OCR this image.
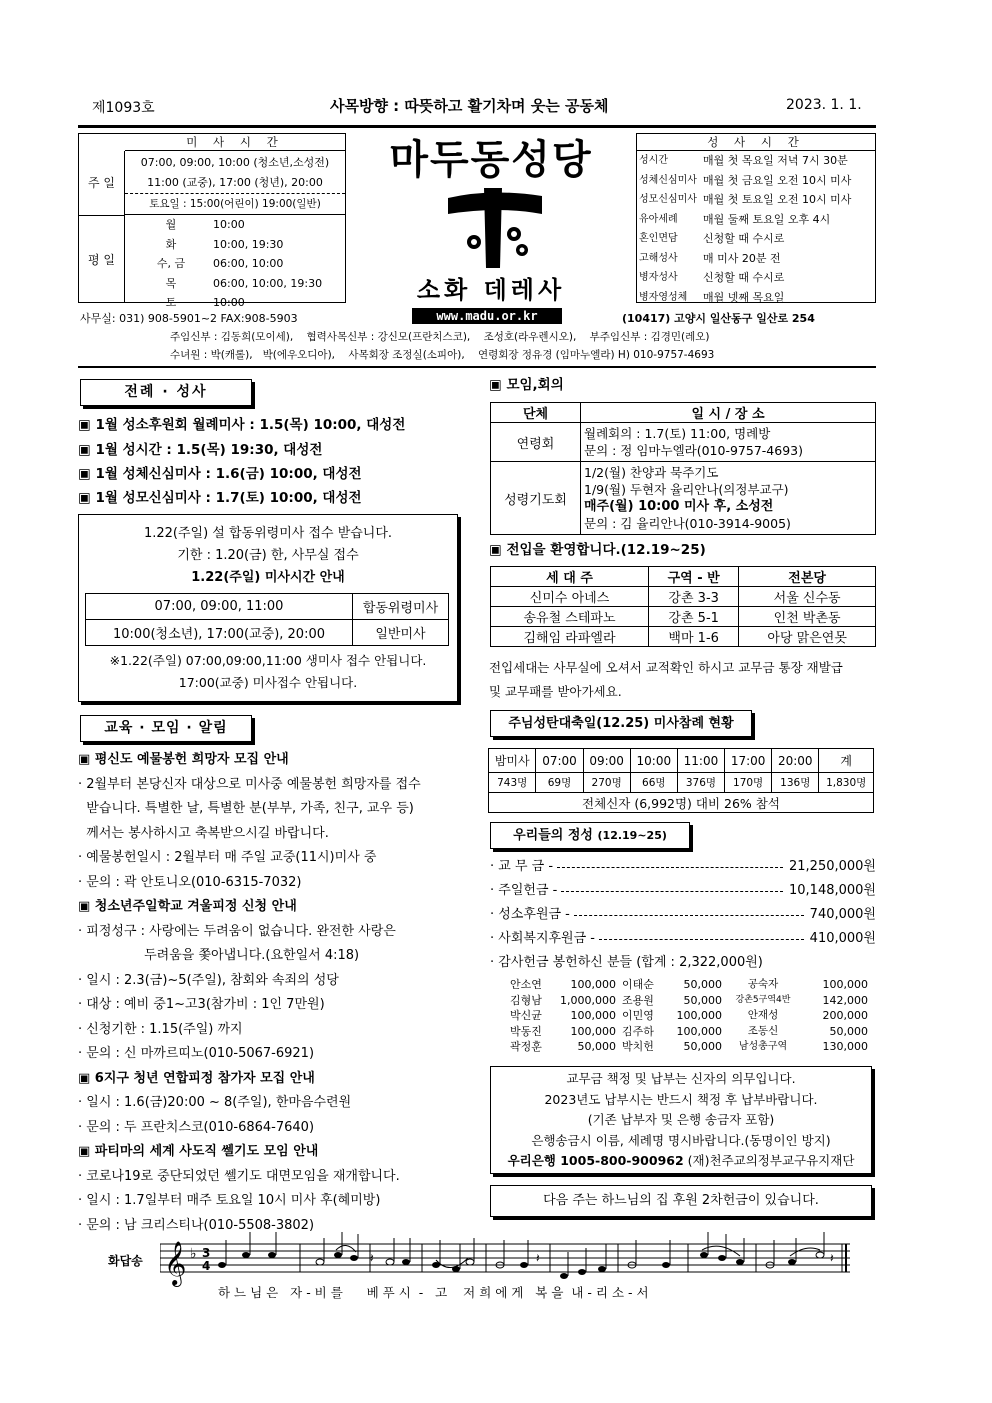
제1093호	사목방향 : 따뜻하고 활기차며 웃는 공동체	2023. 1. 1.
미 사 시 간
주 일
07:00, 09:00, 10:00 (청소년,소성전)
11:00 (교중), 17:00 (청년), 20:00
토요일 : 15:00(어린이) 19:00(일반)
평 일
월	10:00
화	10:00, 19:30
수, 금	06:00, 10:00
목	06:00, 10:00, 19:30
토	10:00
마두동성당
소화 데레사
성 사 시 간
성시간	매월 첫 목요일 저녁 7시 30분
성체신심미사	매월 첫 금요일 오전 10시 미사
성모신심미사	매월 첫 토요일 오전 10시 미사
유아세례	매월 둘째 토요일 오후 4시
혼인면담	신청할 때 수시로
고해성사	매 미사 20분 전
병자성사	신청할 때 수시로
병자영성체	매월 넷째 목요일
사무실: 031) 908-5901~2 FAX:908-5903	www.madu.or.kr	(10417) 고양시 일산동구 일산로 254
주임신부 : 김동희(모이세),    협력사목신부 : 강신모(프란치스코),    조성호(라우렌시오),    부주임신부 : 김경민(레오)
수녀원 : 박(캐롤),   박(에우오디아),    사목회장 조정실(소피아),    연령회장 정유경 (임마누엘라) H) 010-9757-4693
전례 · 성사
▣ 1월 성소후원회 월례미사 : 1.5(목) 10:00, 대성전
▣ 1월 성시간 : 1.5(목) 19:30, 대성전
▣ 1월 성체신심미사 : 1.6(금) 10:00, 대성전
▣ 1월 성모신심미사 : 1.7(토) 10:00, 대성전
1.22(주일) 설 합동위령미사 접수 받습니다.
기한 : 1.20(금) 한, 사무실 접수
1.22(주일) 미사시간 안내
07:00, 09:00, 11:00	합동위령미사
10:00(청소년), 17:00(교중), 20:00	일반미사
※1.22(주일) 07:00,09:00,11:00 생미사 접수 안됩니다.
17:00(교중) 미사접수 안됩니다.
교육 · 모임 · 알림
▣ 평신도 예물봉헌 희망자 모집 안내
· 2월부터 본당신자 대상으로 미사중 예물봉헌 희망자를 접수
받습니다. 특별한 날, 특별한 분(부부, 가족, 친구, 교우 등)
께서는 봉사하시고 축복받으시길 바랍니다.
· 예물봉헌일시 : 2월부터 매 주일 교중(11시)미사 중
· 문의 : 곽 안토니오(010-6315-7032)
▣ 청소년주일학교 겨울피정 신청 안내
· 피정성구 : 사랑에는 두려움이 없습니다. 완전한 사랑은
두려움을 쫓아냅니다.(요한일서 4:18)
· 일시 : 2.3(금)~5(주일), 참회와 속죄의 성당
· 대상 : 예비 중1~고3(참가비 : 1인 7만원)
· 신청기한 : 1.15(주일) 까지
· 문의 : 신 마까르띠노(010-5067-6921)
▣ 6지구 청년 연합피정 참가자 모집 안내
· 일시 : 1.6(금)20:00 ~ 8(주일), 한마음수련원
· 문의 : 두 프란치스코(010-6864-7640)
▣ 파티마의 세계 사도직 쎌기도 모임 안내
· 코로나19로 중단되었던 쎌기도 대면모임을 재개합니다.
· 일시 : 1.7일부터 매주 토요일 10시 미사 후(혜미방)
· 문의 : 남 크리스티나(010-5508-3802)
▣ 모임,회의
단체	일 시 / 장 소
연령회	월례회의 : 1.7(토) 11:00, 명례방
문의 : 정 임마누엘라(010-9757-4693)

성령기도회	1/2(월) 찬양과 묵주기도
1/9(월) 두현자 율리안나(의정부교구)
매주(월) 10:00 미사 후, 소성전
문의 : 김 율리안나(010-3914-9005)
▣ 전입을 환영합니다.(12.19~25)
세 대 주	구역 - 반	전본당
신미수 아네스	강촌 3-3	서울 신수동
송유철 스테파노	강촌 5-1	인천 박촌동
김해임 라파엘라	백마 1-6	아당 맑은연못
전입세대는 사무실에 오셔서 교적확인 하시고 교무금 통장 재발급
및 교무패를 받아가세요.
주님성탄대축일(12.25) 미사참례 현황
밤미사	07:00	09:00	10:00	11:00	17:00	20:00	계
743명	69명	270명	66명	376명	170명	136명	1,830명
전체신자 (6,992명) 대비 26% 참석							
우리들의 정성 (12.19~25)
· 교 무 금 -	21,250,000원
· 주일헌금 -	10,148,000원
· 성소후원금 -	740,000원
· 사회복지후원금 -	410,000원
· 감사헌금 봉헌하신 분들 (합계 : 2,322,000원)
안소연	100,000	이태순	50,000	공숙자	100,000
김형남	1,000,000	조용원	50,000	강촌5구역4반	142,000
박신균	100,000	이민영	100,000	안재성	200,000
박동진	100,000	김주하	100,000	조동신	50,000
곽정훈	50,000	박치헌	50,000	남성총구역	130,000
교무금 책정 및 납부는 신자의 의무입니다.
2023년도 납부시는 반드시 책정 후 납부바랍니다.
(기존 납부자 및 은행 송금자 포함)
은행송금시 이름, 세례명 명시바랍니다.(동명이인 방지)
우리은행 1005-800-900962 (재)천주교의정부교구유지재단
다음 주는 하느님의 집 후원 2차헌금이 있습니다.
화답송 𝄞 ♭ 3
4
𝄽	𝄽	𝄽
하 느 님 은   자 - 비 를      베 푸 시  -   고    저 희 에 게   복 을  내 - 리 소 - 서
